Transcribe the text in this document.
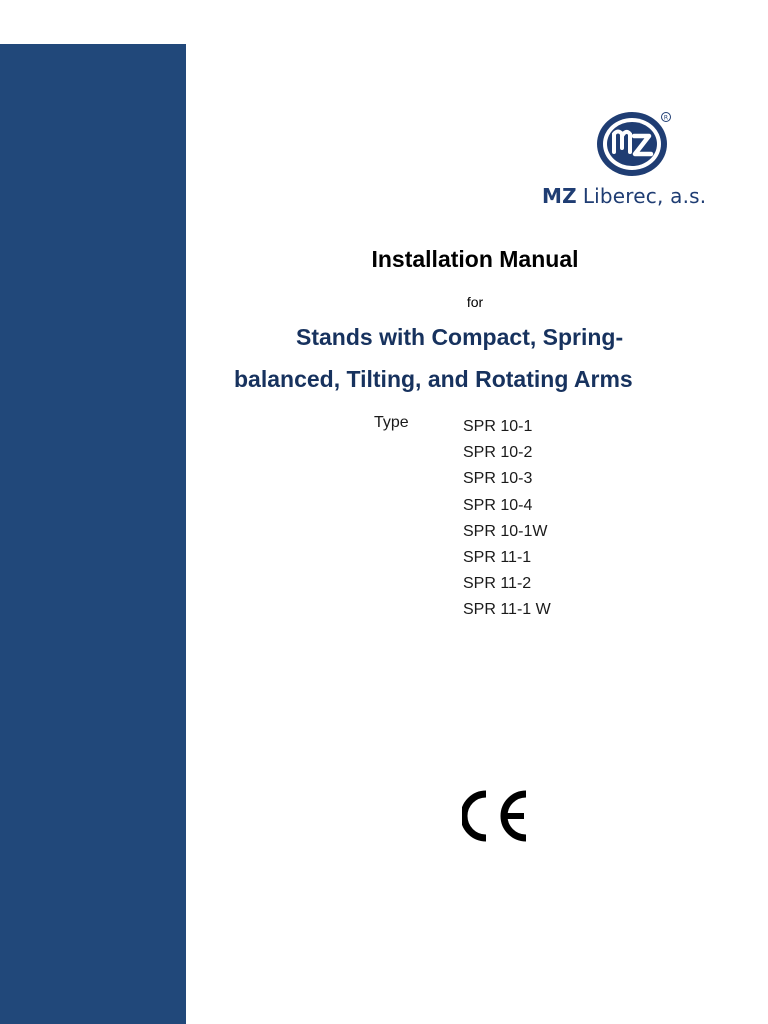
R
MZ Liberec, a.s.
Installation Manual
for
Stands with Compact, Spring-
balanced, Tilting, and Rotating Arms
Type	SPR 10-1
SPR 10-2
SPR 10-3
SPR 10-4
SPR 10-1W
SPR 11-1
SPR 11-2
SPR 11-1 W
